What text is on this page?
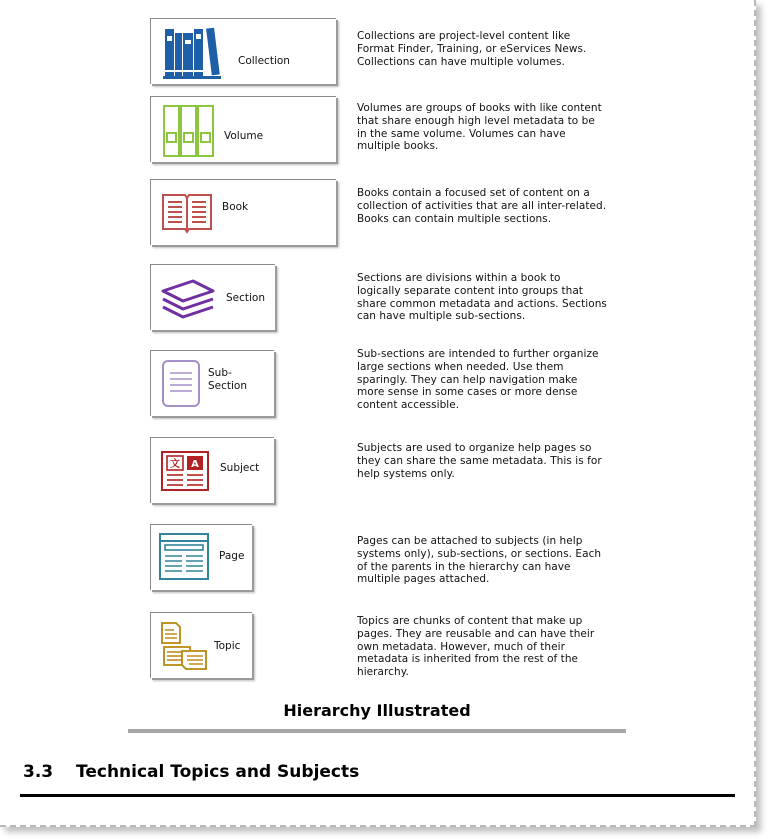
Collection
Collections are project-level content like Format Finder, Training, or eServices News. Collections can have multiple volumes.
Volume
Volumes are groups of books with like content that share enough high level metadata to be in the same volume. Volumes can have multiple books.
Book
Books contain a focused set of content on a collection of activities that are all inter-related. Books can contain multiple sections.
Section
Sections are divisions within a book to logically separate content into groups that share common metadata and actions. Sections can have multiple sub-sections.
Sub-
Section
Sub-sections are intended to further organize large sections when needed. Use them sparingly. They can help navigation make more sense in some cases or more dense content accessible.
文 A Subject
Subjects are used to organize help pages so they can share the same metadata. This is for help systems only.
Page
Pages can be attached to subjects (in help systems only), sub-sections, or sections. Each of the parents in the hierarchy can have multiple pages attached.
Topic
Topics are chunks of content that make up pages. They are reusable and can have their own metadata. However, much of their metadata is inherited from the rest of the hierarchy.
Hierarchy Illustrated
3.3 Technical Topics and Subjects
